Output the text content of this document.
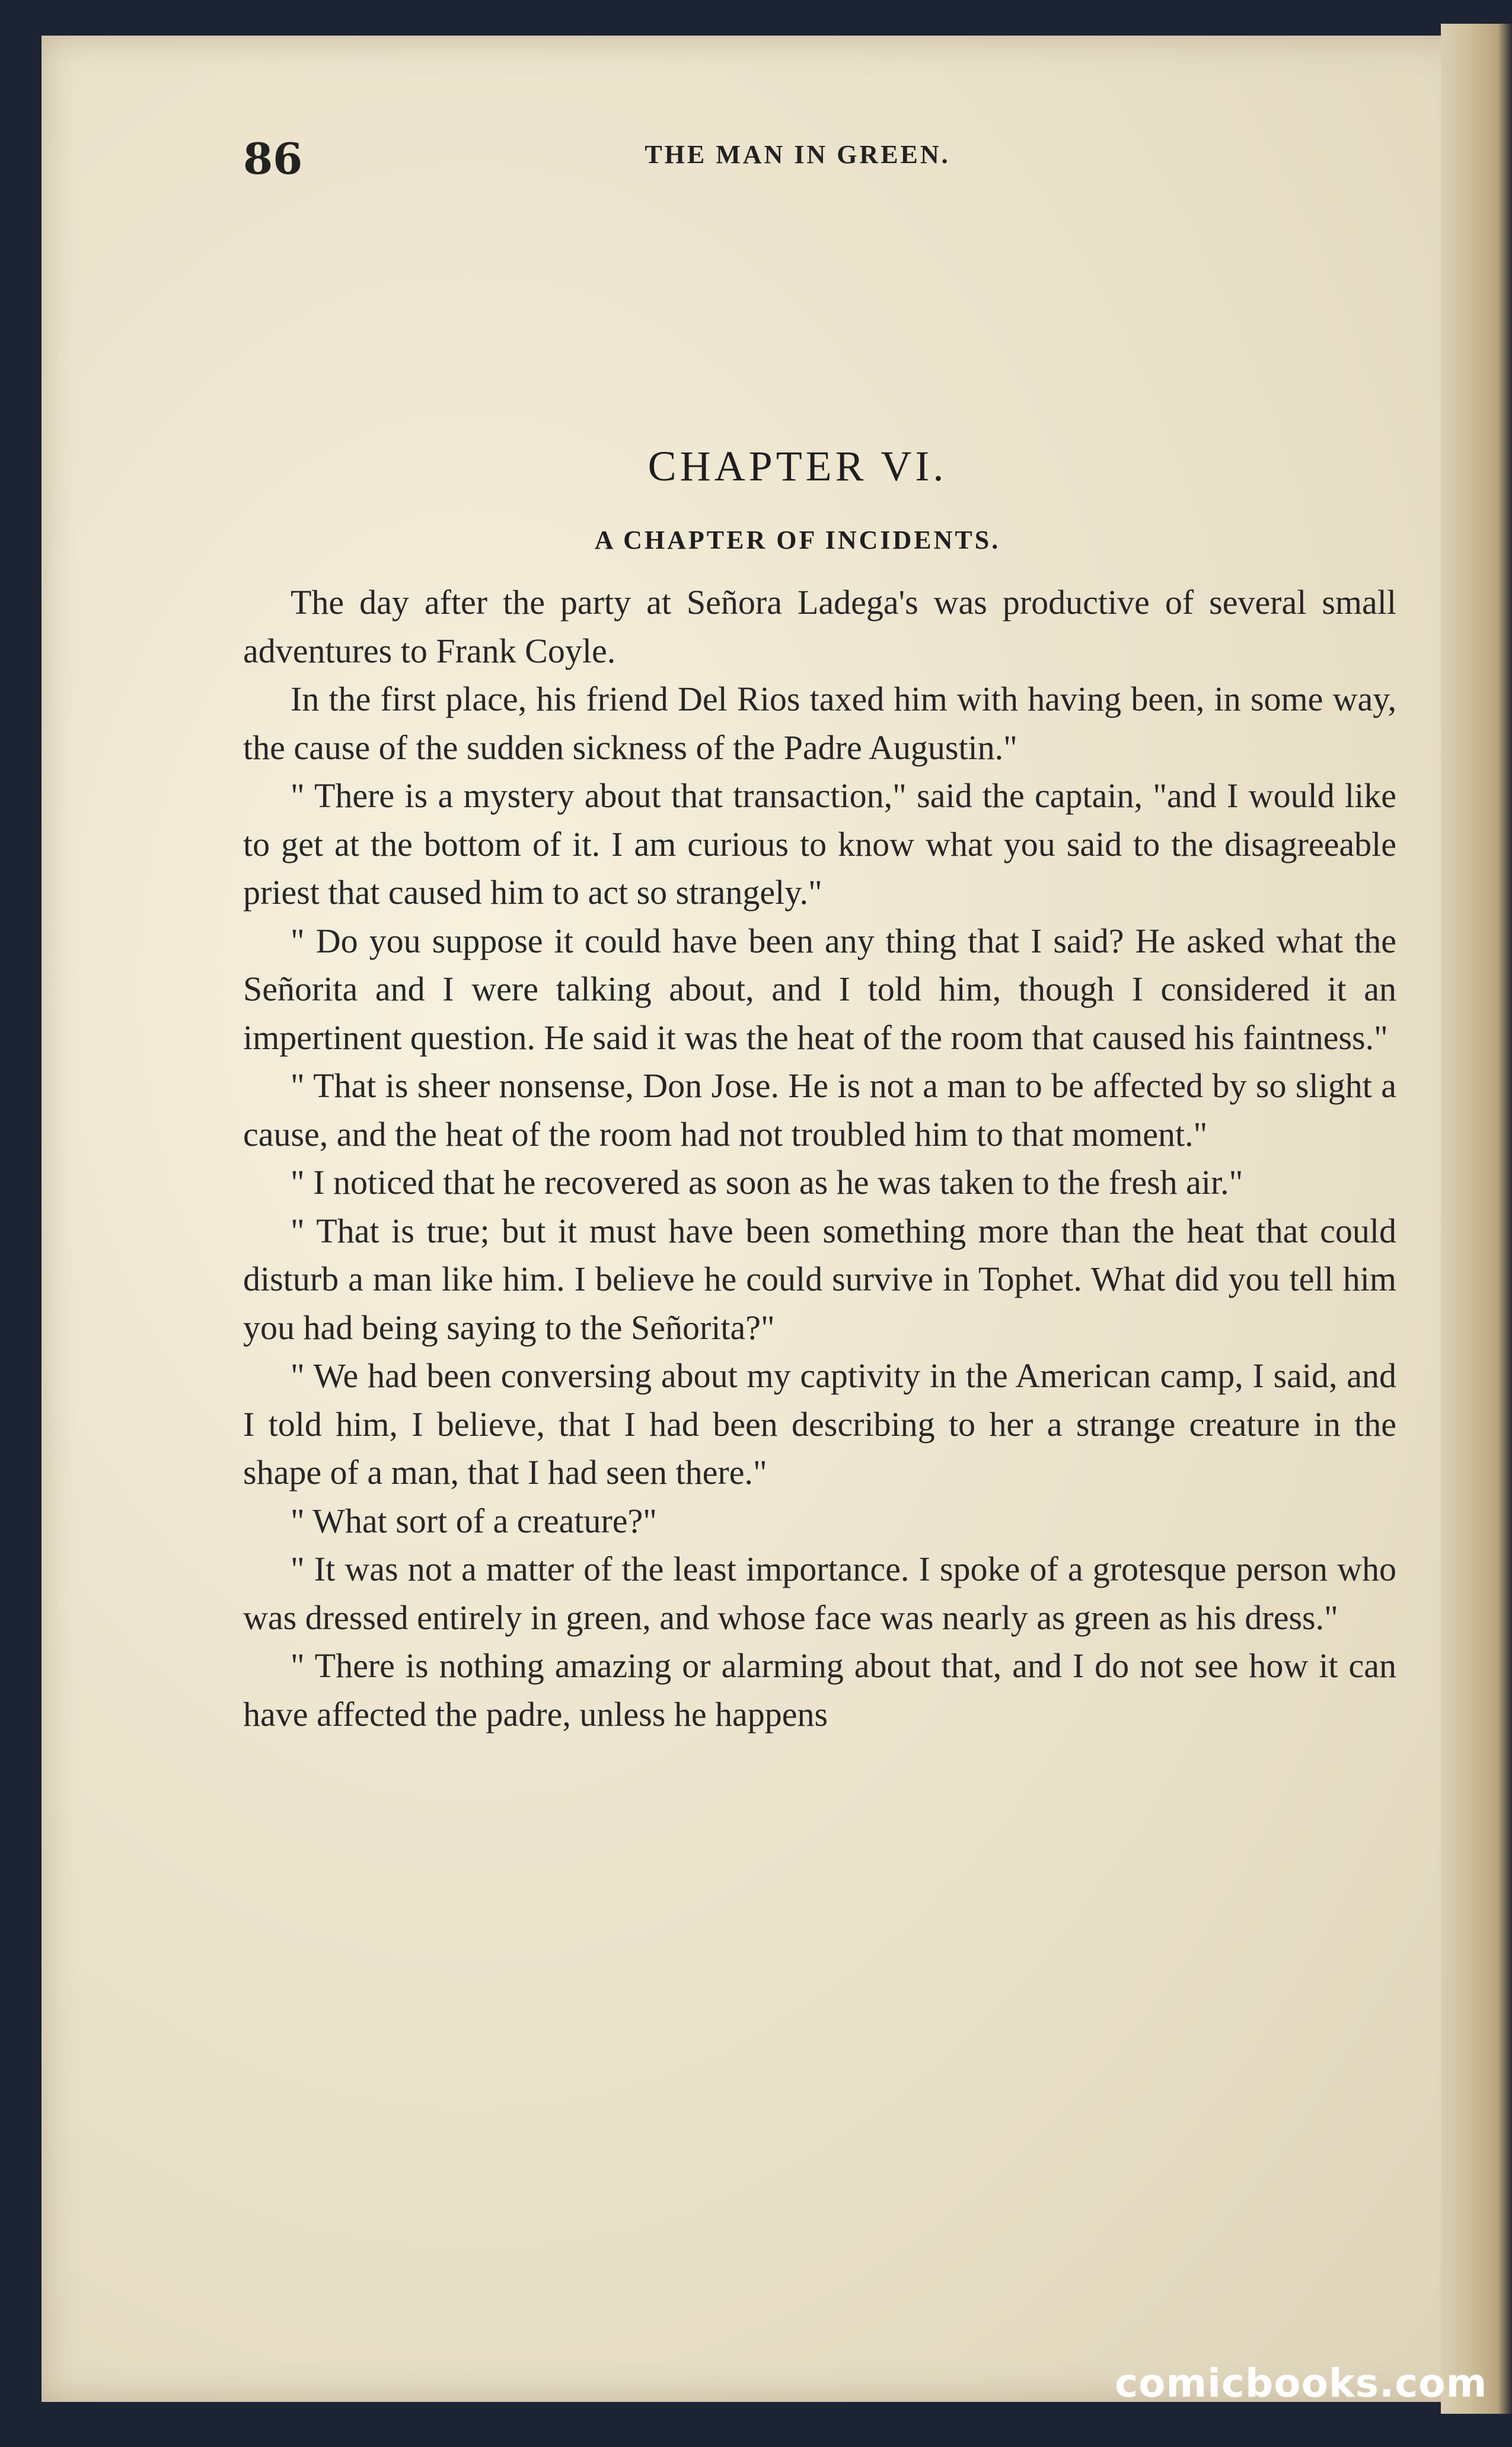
86	THE MAN IN GREEN.
CHAPTER VI.
A CHAPTER OF INCIDENTS.

The day after the party at Señora Ladega's was productive of several small adventures to Frank Coyle.

In the first place, his friend Del Rios taxed him with having been, in some way, the cause of the sudden sickness of the Padre Augustin."

" There is a mystery about that transaction," said the captain, "and I would like to get at the bottom of it. I am curious to know what you said to the disagreeable priest that caused him to act so strangely."

" Do you suppose it could have been any thing that I said? He asked what the Señorita and I were talking about, and I told him, though I considered it an impertinent question. He said it was the heat of the room that caused his faintness."

" That is sheer nonsense, Don Jose. He is not a man to be affected by so slight a cause, and the heat of the room had not troubled him to that moment."

" I noticed that he recovered as soon as he was taken to the fresh air."

" That is true; but it must have been something more than the heat that could disturb a man like him. I believe he could survive in Tophet. What did you tell him you had being saying to the Señorita?"

" We had been conversing about my captivity in the American camp, I said, and I told him, I believe, that I had been describing to her a strange creature in the shape of a man, that I had seen there."

" What sort of a creature?"

" It was not a matter of the least importance. I spoke of a grotesque person who was dressed entirely in green, and whose face was nearly as green as his dress."

" There is nothing amazing or alarming about that, and I do not see how it can have affected the padre, unless he happens

comicbooks.com
